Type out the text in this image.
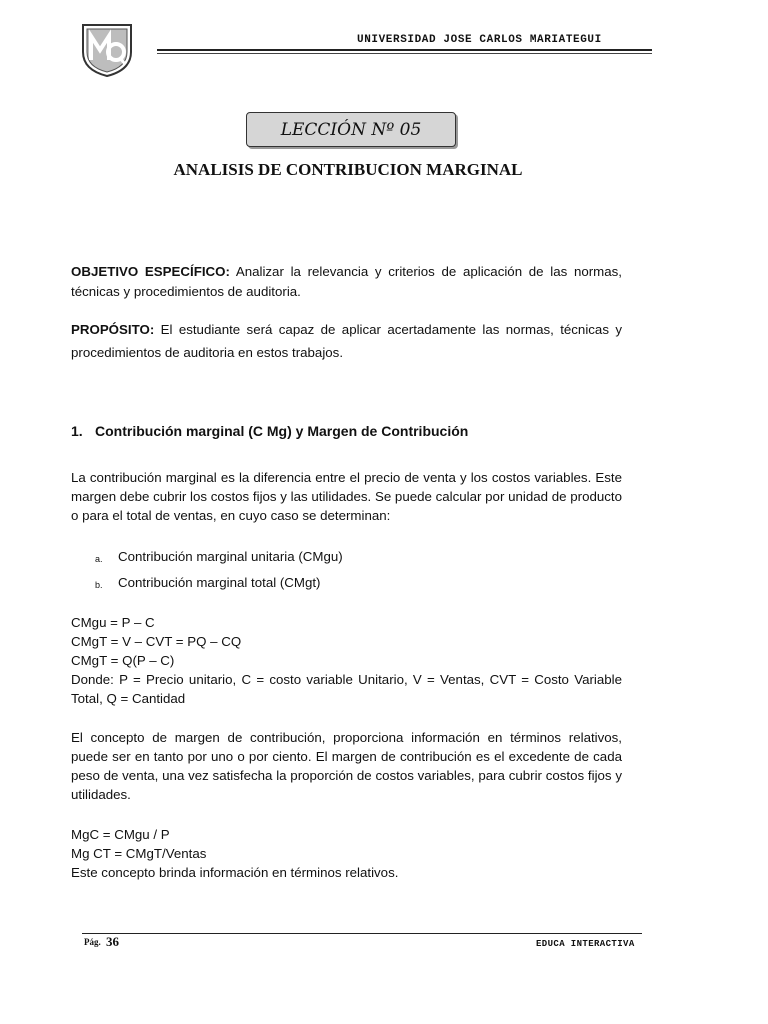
UNIVERSIDAD JOSE CARLOS MARIATEGUI
LECCIÓN Nº 05
ANALISIS DE CONTRIBUCION MARGINAL
OBJETIVO ESPECÍFICO: Analizar la relevancia y criterios de aplicación de las normas, técnicas y procedimientos de auditoria.
PROPÓSITO: El estudiante será capaz de aplicar acertadamente las normas, técnicas y procedimientos de auditoria en estos trabajos.
1. Contribución marginal (C Mg) y Margen de Contribución
La contribución marginal es la diferencia entre el precio de venta y los costos variables. Este margen debe cubrir los costos fijos y las utilidades. Se puede calcular por unidad de producto o para el total de ventas, en cuyo caso se determinan:
a.	Contribución marginal unitaria (CMgu)
b.	Contribución marginal total (CMgt)
CMgu = P – C
CMgT = V – CVT = PQ – CQ
CMgT = Q(P – C)
Donde: P = Precio unitario, C = costo variable Unitario, V = Ventas, CVT = Costo Variable Total, Q = Cantidad
El concepto de margen de contribución, proporciona información en términos relativos, puede ser en tanto por uno o por ciento. El margen de contribución es el excedente de cada peso de venta, una vez satisfecha la proporción de costos variables, para cubrir costos fijos y utilidades.
MgC = CMgu / P
Mg CT = CMgT/Ventas
Este concepto brinda información en términos relativos.
Pág. 36	EDUCA INTERACTIVA
